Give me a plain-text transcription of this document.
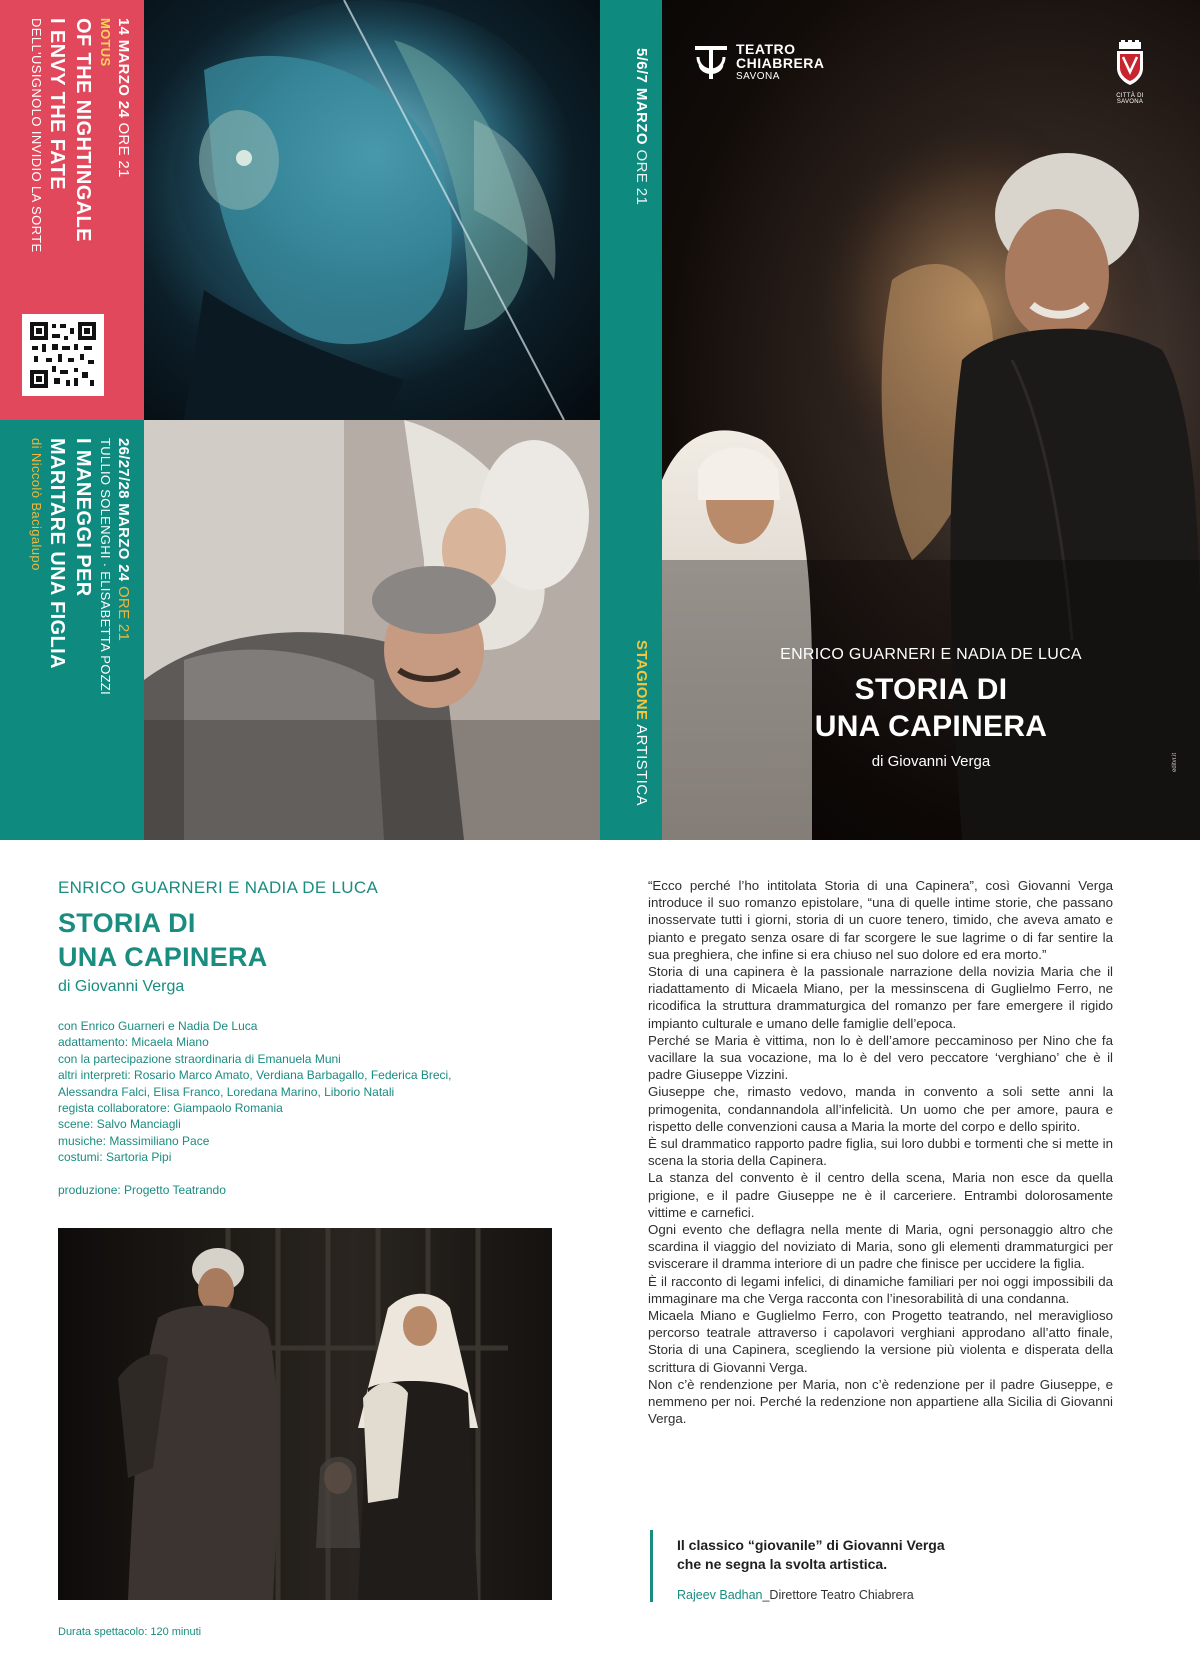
14 MARZO 24 ORE 21
MOTUS
OF THE NIGHTINGALE
I ENVY THE FATE
DELL'USIGNOLO INVIDIO LA SORTE
26/27/28 MARZO 24 ORE 21
TULLIO SOLENGHI · ELISABETTA POZZI
I MANEGGI PER
MARITARE UNA FIGLIA
di Niccolò Bacigalupo
5/6/7 MARZO ORE 21
STAGIONE ARTISTICA
TEATRO
CHIABRERA
SAVONA
CITTÀ DI SAVONA
ENRICO GUARNERI E NADIA DE LUCA
STORIA DI
UNA CAPINERA
di Giovanni Verga	editvr.it
ENRICO GUARNERI E NADIA DE LUCA
STORIA DI
UNA CAPINERA
di Giovanni Verga
con Enrico Guarneri e Nadia De Luca
adattamento: Micaela Miano
con la partecipazione straordinaria di Emanuela Muni
altri interpreti: Rosario Marco Amato, Verdiana Barbagallo, Federica Breci,
Alessandra Falci, Elisa Franco, Loredana Marino, Liborio Natali
regista collaboratore: Giampaolo Romania
scene: Salvo Manciagli
musiche: Massimiliano Pace
costumi: Sartoria Pipi
produzione: Progetto Teatrando
Durata spettacolo: 120 minuti

“Ecco perché l’ho intitolata Storia di una Capinera”, così Giovanni Verga introduce il suo romanzo epistolare, “una di quelle intime storie, che passano inosservate tutti i giorni, storia di un cuore tenero, timido, che aveva amato e pianto e pregato senza osare di far scorgere le sue lagrime o di far sentire la sua preghiera, che infine si era chiuso nel suo dolore ed era morto.”

Storia di una capinera è la passionale narrazione della novizia Maria che il riadattamento di Micaela Miano, per la messinscena di Guglielmo Ferro, ne ricodifica la struttura drammaturgica del romanzo per fare emergere il rigido impianto culturale e umano delle famiglie dell’epoca.

Perché se Maria è vittima, non lo è dell’amore peccaminoso per Nino che fa vacillare la sua vocazione, ma lo è del vero peccatore ‘verghiano’ che è il padre Giuseppe Vizzini.

Giuseppe che, rimasto vedovo, manda in convento a soli sette anni la primogenita, condannandola all’infelicità. Un uomo che per amore, paura e rispetto delle convenzioni causa a Maria la morte del corpo e dello spirito.

È sul drammatico rapporto padre figlia, sui loro dubbi e tormenti che si mette in scena la storia della Capinera.

La stanza del convento è il centro della scena, Maria non esce da quella prigione, e il padre Giuseppe ne è il carceriere. Entrambi dolorosamente vittime e carnefici.

Ogni evento che deflagra nella mente di Maria, ogni personaggio altro che scardina il viaggio del noviziato di Maria, sono gli elementi drammaturgici per sviscerare il dramma interiore di un padre che finisce per uccidere la figlia.

È il racconto di legami infelici, di dinamiche familiari per noi oggi impossibili da immaginare ma che Verga racconta con l’inesorabilità di una condanna.

Micaela Miano e Guglielmo Ferro, con Progetto teatrando, nel meraviglioso percorso teatrale attraverso i capolavori verghiani approdano all’atto finale, Storia di una Capinera, scegliendo la versione più violenta e disperata della scrittura di Giovanni Verga.

Non c’è rendenzione per Maria, non c’è redenzione per il padre Giuseppe, e nemmeno per noi. Perché la redenzione non appartiene alla Sicilia di Giovanni Verga.

Il classico “giovanile” di Giovanni Verga
che ne segna la svolta artistica.
Rajeev Badhan_Direttore Teatro Chiabrera
